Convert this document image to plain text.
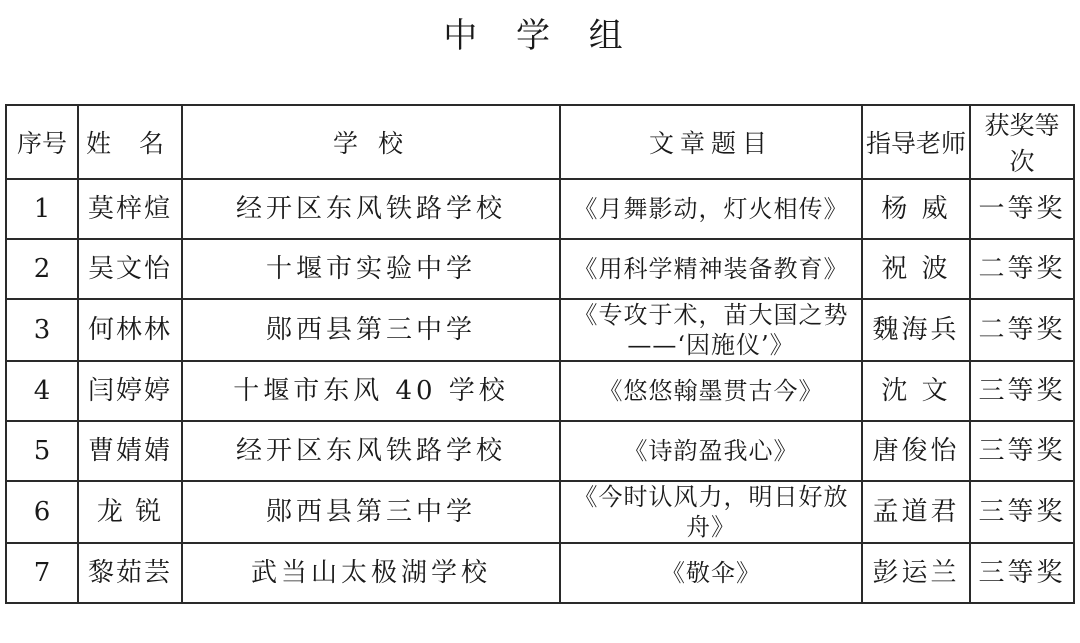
中 学 组
序号	姓 名	学 校	文章题目	指导老师	获奖等次
1	莫梓煊	经开区东风铁路学校	《月舞影动，灯火相传》	杨 威	一等奖
2	吴文怡	十堰市实验中学	《用科学精神装备教育》	祝 波	二等奖
3	何林林	郧西县第三中学	《专攻于术，苗大国之势——‘因施仪’》	魏海兵	二等奖
4	闫婷婷	十堰市东风 40 学校	《悠悠翰墨贯古今》	沈 文	三等奖
5	曹婧婧	经开区东风铁路学校	《诗韵盈我心》	唐俊怡	三等奖
6	龙 锐	郧西县第三中学	《今时认风力，明日好放舟》	孟道君	三等奖
7	黎茹芸	武当山太极湖学校	《敬伞》	彭运兰	三等奖
